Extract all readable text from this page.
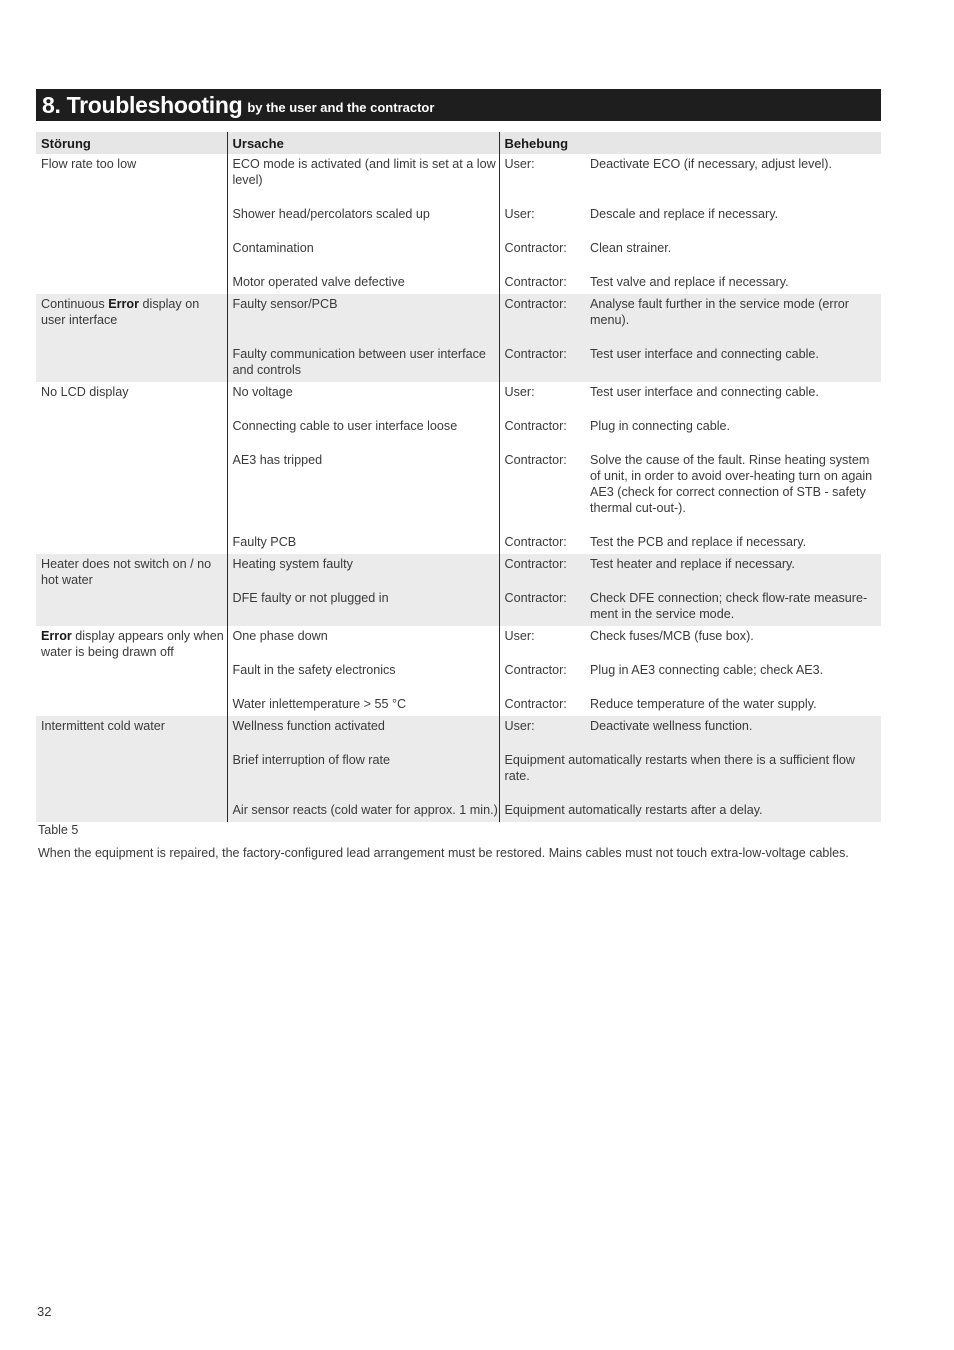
8. Troubleshooting by the user and the contractor
Störung	Ursache	Behebung	
Flow rate too low	ECO mode is activated (and limit is set at a low level)	User:	Deactivate ECO (if necessary, adjust level).
	Shower head/percolators scaled up	User:	Descale and replace if necessary.
	Contamination	Contractor:	Clean strainer.
	Motor operated valve defective	Contractor:	Test valve and replace if necessary.
Continuous Error display on user interface	Faulty sensor/PCB	Contractor:	Analyse fault further in the service mode (error menu).
	Faulty communication between user interface and controls	Contractor:	Test user interface and connecting cable.
No LCD display	No voltage	User:	Test user interface and connecting cable.
	Connecting cable to user interface loose	Contractor:	Plug in connecting cable.
	AE3 has tripped	Contractor:	Solve the cause of the fault. Rinse heating system of unit, in order to avoid over-heating turn on again AE3 (check for correct connection of STB - safety thermal cut-out-).
	Faulty PCB	Contractor:	Test the PCB and replace if necessary.
Heater does not switch on / no hot water	Heating system faulty	Contractor:	Test heater and replace if necessary.
	DFE faulty or not plugged in	Contractor:	Check DFE connection; check flow-rate measure-ment in the service mode.
Error display appears only when water is being drawn off	One phase down	User:	Check fuses/MCB (fuse box).
	Fault in the safety electronics	Contractor:	Plug in AE3 connecting cable; check AE3.
	Water inlettemperature > 55 °C	Contractor:	Reduce temperature of the water supply.
Intermittent cold water	Wellness function activated	User:	Deactivate wellness function.
	Brief interruption of flow rate	Equipment automatically restarts when there is a sufficient flow rate.	
	Air sensor reacts (cold water for approx. 1 min.)	Equipment automatically restarts after a delay.	
Table 5
When the equipment is repaired, the factory-configured lead arrangement must be restored. Mains cables must not touch extra-low-voltage cables.
32
